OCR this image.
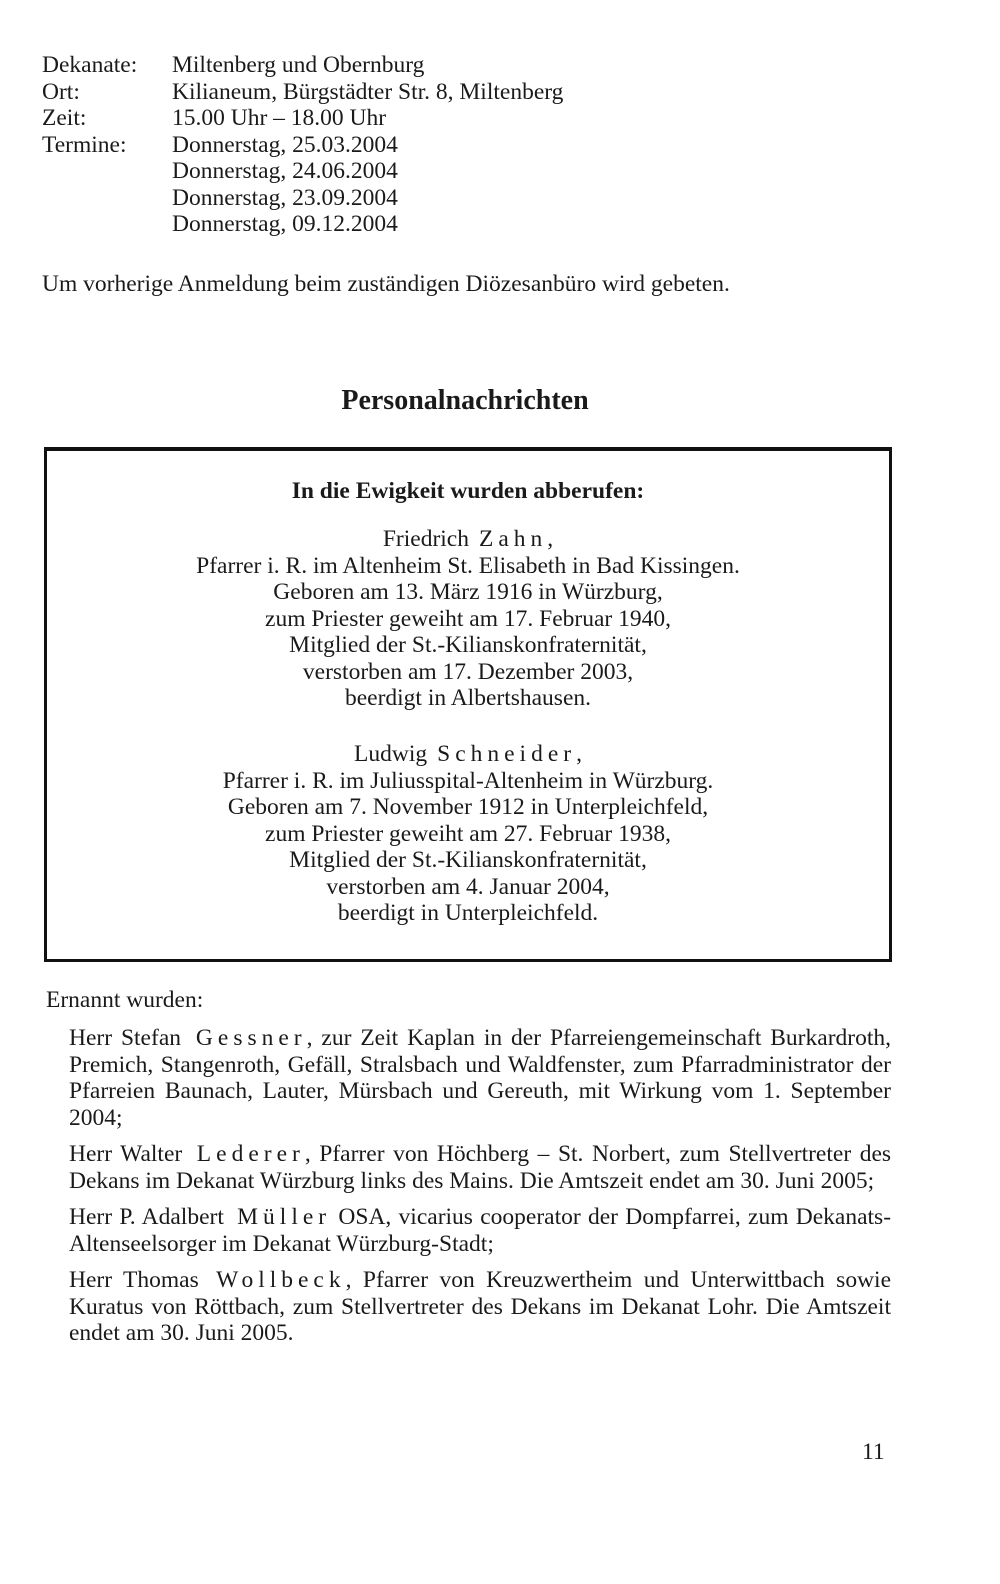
Dekanate:	Miltenberg und Obernburg
Ort:	Kilianeum, Bürgstädter Str. 8, Miltenberg
Zeit:	15.00 Uhr – 18.00 Uhr
Termine:	Donnerstag, 25.03.2004
Donnerstag, 24.06.2004
Donnerstag, 23.09.2004
Donnerstag, 09.12.2004
Um vorherige Anmeldung beim zuständigen Diözesanbüro wird gebeten.
Personalnachrichten
In die Ewigkeit wurden abberufen:
Friedrich Zahn,
Pfarrer i. R. im Altenheim St. Elisabeth in Bad Kissingen.
Geboren am 13. März 1916 in Würzburg,
zum Priester geweiht am 17. Februar 1940,
Mitglied der St.-Kilianskonfraternität,
verstorben am 17. Dezember 2003,
beerdigt in Albertshausen.
Ludwig Schneider,
Pfarrer i. R. im Juliusspital-Altenheim in Würzburg.
Geboren am 7. November 1912 in Unterpleichfeld,
zum Priester geweiht am 27. Februar 1938,
Mitglied der St.-Kilianskonfraternität,
verstorben am 4. Januar 2004,
beerdigt in Unterpleichfeld.
Ernannt wurden:
Herr Stefan Gessner, zur Zeit Kaplan in der Pfarreiengemeinschaft Burkardroth, Premich, Stangenroth, Gefäll, Stralsbach und Waldfenster, zum Pfarradministrator der Pfarreien Baunach, Lauter, Mürsbach und Gereuth, mit Wirkung vom 1. September 2004;
Herr Walter Lederer, Pfarrer von Höchberg – St. Norbert, zum Stellvertreter des Dekans im Dekanat Würzburg links des Mains. Die Amtszeit endet am 30. Juni 2005;
Herr P. Adalbert Müller OSA, vicarius cooperator der Dompfarrei, zum Dekanats-Altenseelsorger im Dekanat Würzburg-Stadt;
Herr Thomas Wollbeck, Pfarrer von Kreuzwertheim und Unterwittbach sowie Kuratus von Röttbach, zum Stellvertreter des Dekans im Dekanat Lohr. Die Amtszeit endet am 30. Juni 2005.
11
